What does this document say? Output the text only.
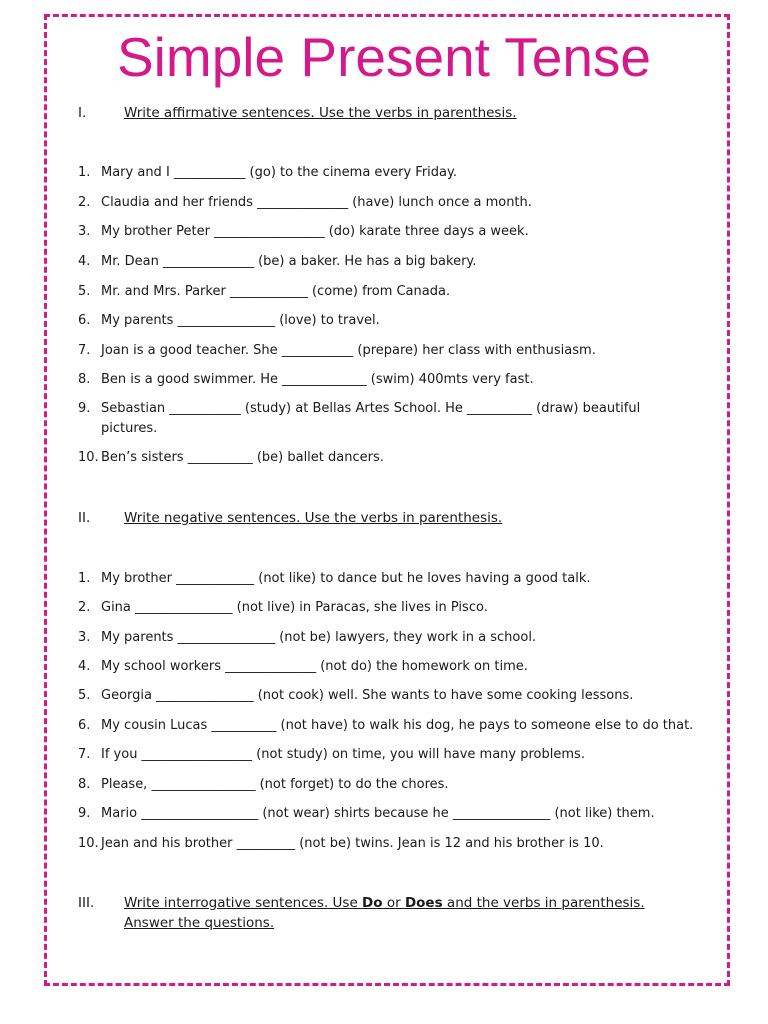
Simple Present Tense
I.	Write affirmative sentences. Use the verbs in parenthesis.
1. Mary and I ___________ (go) to the cinema every Friday.
2. Claudia and her friends ______________ (have) lunch once a month.
3. My brother Peter _________________ (do) karate three days a week.
4. Mr. Dean ______________ (be) a baker. He has a big bakery.
5. Mr. and Mrs. Parker ____________ (come) from Canada.
6. My parents _______________ (love) to travel.
7. Joan is a good teacher. She ___________ (prepare) her class with enthusiasm.
8. Ben is a good swimmer. He _____________ (swim) 400mts very fast.
9. Sebastian ___________ (study) at Bellas Artes School. He __________ (draw) beautiful
pictures.
10. Ben’s sisters __________ (be) ballet dancers.
II. Write negative sentences. Use the verbs in parenthesis.
1. My brother ____________ (not like) to dance but he loves having a good talk.
2. Gina _______________ (not live) in Paracas, she lives in Pisco.
3. My parents _______________ (not be) lawyers, they work in a school.
4. My school workers ______________ (not do) the homework on time.
5. Georgia _______________ (not cook) well. She wants to have some cooking lessons.
6. My cousin Lucas __________ (not have) to walk his dog, he pays to someone else to do that.
7. If you _________________ (not study) on time, you will have many problems.
8. Please, ________________ (not forget) to do the chores.
9. Mario __________________ (not wear) shirts because he _______________ (not like) them.
10. Jean and his brother _________ (not be) twins. Jean is 12 and his brother is 10.
III. Write interrogative sentences. Use Do or Does and the verbs in parenthesis.
Answer the questions.
